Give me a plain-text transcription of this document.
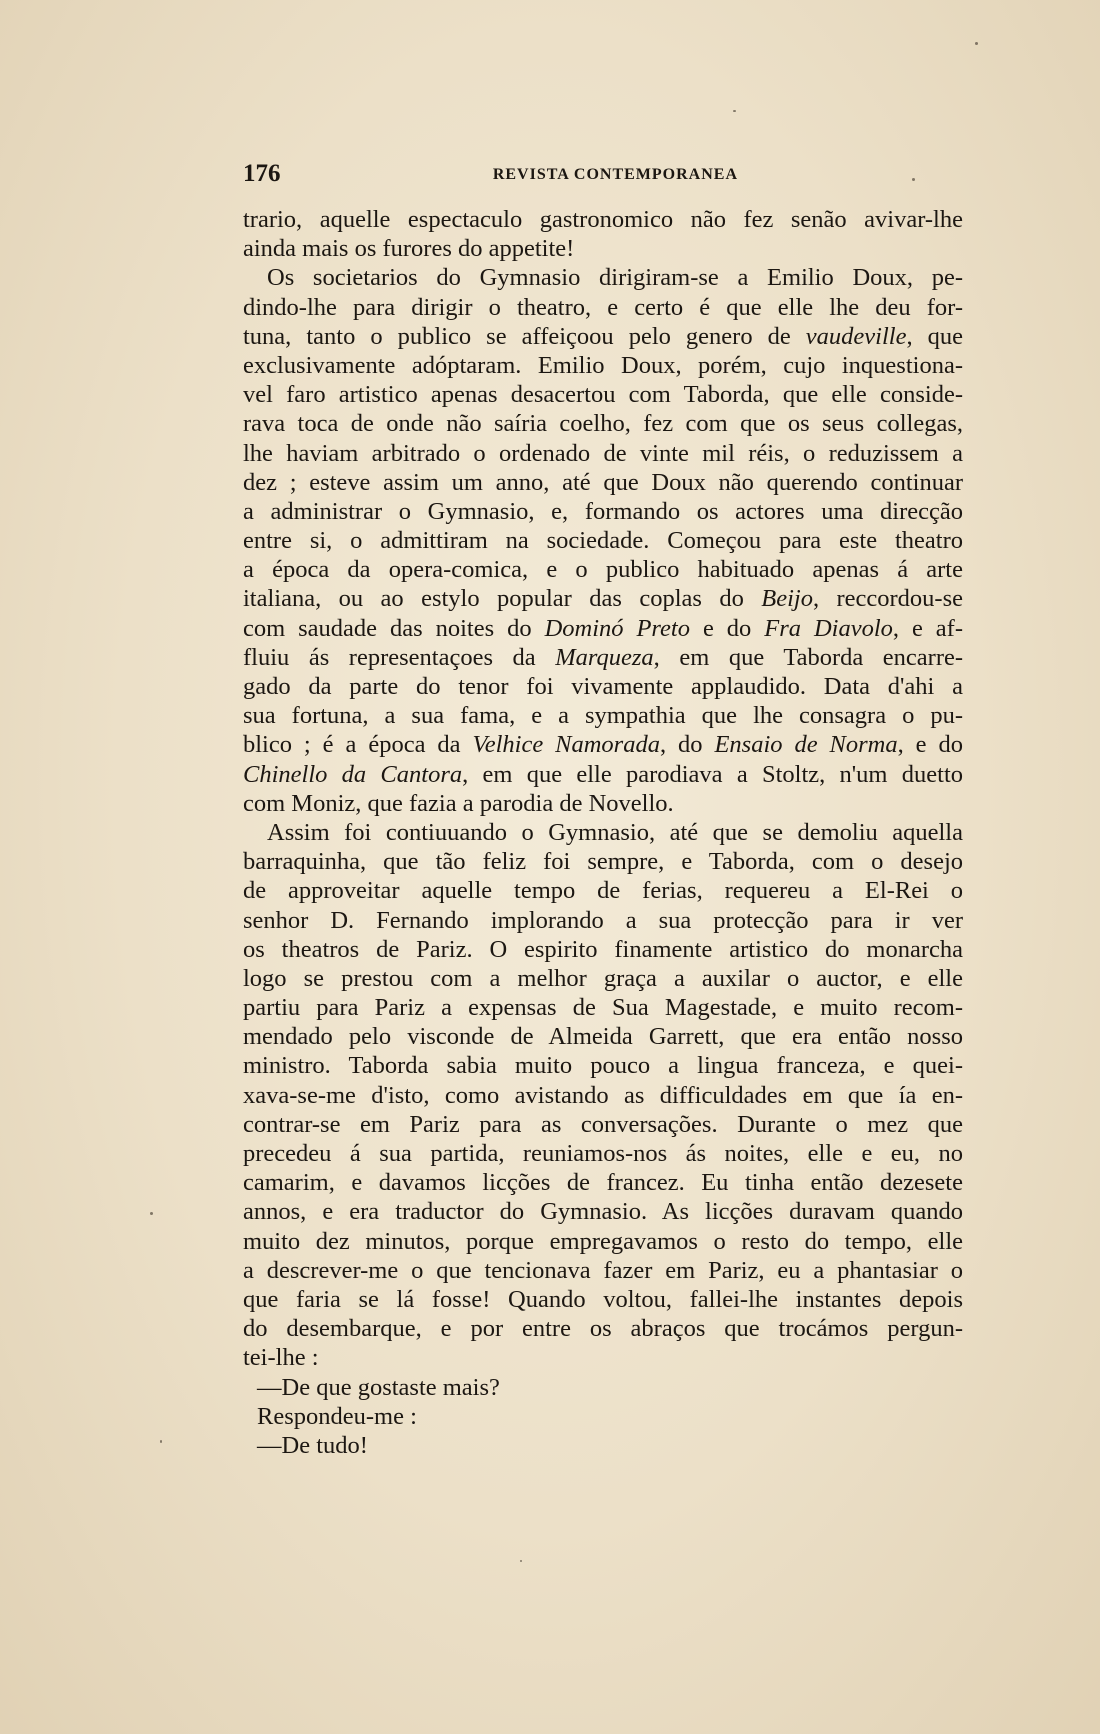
176	REVISTA CONTEMPORANEA
trario, aquelle espectaculo gastronomico não fez senão avivar-lhe
ainda mais os furores do appetite!
Os societarios do Gymnasio dirigiram-se a Emilio Doux, pe-
dindo-lhe para dirigir o theatro, e certo é que elle lhe deu for-
tuna, tanto o publico se affeiçoou pelo genero de vaudeville, que
exclusivamente adóptaram. Emilio Doux, porém, cujo inquestiona-
vel faro artistico apenas desacertou com Taborda, que elle conside-
rava toca de onde não saíria coelho, fez com que os seus collegas,
lhe haviam arbitrado o ordenado de vinte mil réis, o reduzissem a
dez ; esteve assim um anno, até que Doux não querendo continuar
a administrar o Gymnasio, e, formando os actores uma direcção
entre si, o admittiram na sociedade. Começou para este theatro
a época da opera-comica, e o publico habituado apenas á arte
italiana, ou ao estylo popular das coplas do Beijo, reccordou-se
com saudade das noites do Dominó Preto e do Fra Diavolo, e af-
fluiu ás representaçoes da Marqueza, em que Taborda encarre-
gado da parte do tenor foi vivamente applaudido. Data d'ahi a
sua fortuna, a sua fama, e a sympathia que lhe consagra o pu-
blico ; é a época da Velhice Namorada, do Ensaio de Norma, e do
Chinello da Cantora, em que elle parodiava a Stoltz, n'um duetto
com Moniz, que fazia a parodia de Novello.
Assim foi contiuuando o Gymnasio, até que se demoliu aquella
barraquinha, que tão feliz foi sempre, e Taborda, com o desejo
de approveitar aquelle tempo de ferias, requereu a El-Rei o
senhor D. Fernando implorando a sua protecção para ir ver
os theatros de Pariz. O espirito finamente artistico do monarcha
logo se prestou com a melhor graça a auxilar o auctor, e elle
partiu para Pariz a expensas de Sua Magestade, e muito recom-
mendado pelo visconde de Almeida Garrett, que era então nosso
ministro. Taborda sabia muito pouco a lingua franceza, e quei-
xava-se-me d'isto, como avistando as difficuldades em que ía en-
contrar-se em Pariz para as conversações. Durante o mez que
precedeu á sua partida, reuniamos-nos ás noites, elle e eu, no
camarim, e davamos licções de francez. Eu tinha então dezesete
annos, e era traductor do Gymnasio. As licções duravam quando
muito dez minutos, porque empregavamos o resto do tempo, elle
a descrever-me o que tencionava fazer em Pariz, eu a phantasiar o
que faria se lá fosse! Quando voltou, fallei-lhe instantes depois
do desembarque, e por entre os abraços que trocámos pergun-
tei-lhe :
—De que gostaste mais?
Respondeu-me :
—De tudo!
